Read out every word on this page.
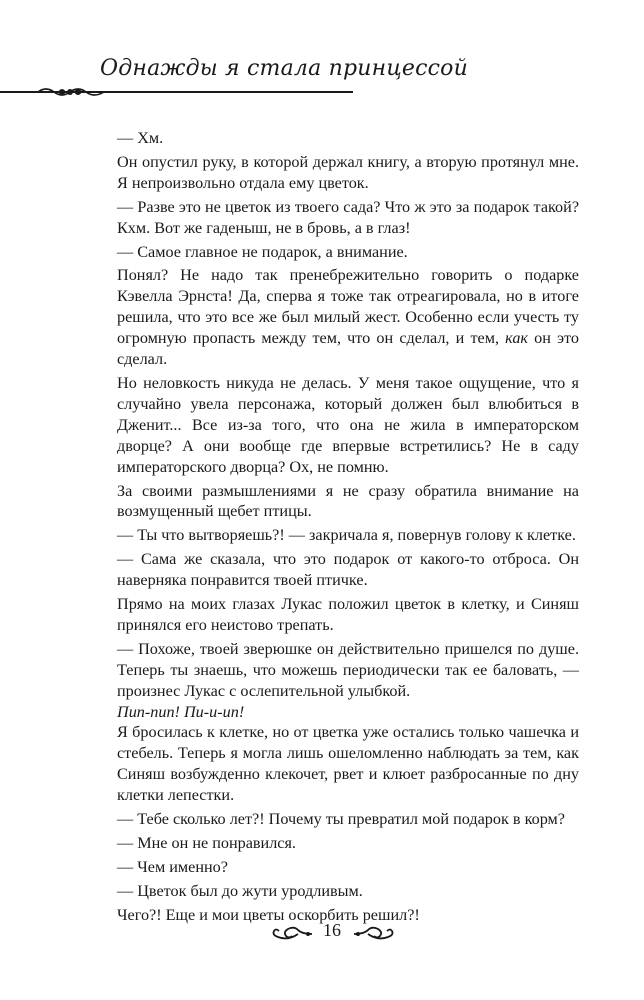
Однажды я стала принцессой

— Хм.

Он опустил руку, в которой держал книгу, а вторую протянул мне. Я непроизвольно отдала ему цветок.

— Разве это не цветок из твоего сада? Что ж это за подарок такой? Кхм. Вот же гаденыш, не в бровь, а в глаз!

— Самое главное не подарок, а внимание.

Понял? Не надо так пренебрежительно говорить о подарке Кэвелла Эрнста! Да, сперва я тоже так отреагировала, но в итоге решила, что это все же был милый жест. Особенно если учесть ту огромную пропасть между тем, что он сделал, и тем, как он это сделал.

Но неловкость никуда не делась. У меня такое ощущение, что я случайно увела персонажа, который должен был влюбиться в Дженит... Все из-за того, что она не жила в императорском дворце? А они вообще где впервые встретились? Не в саду императорского дворца? Ох, не помню.

За своими размышлениями я не сразу обратила внимание на возмущенный щебет птицы.

— Ты что вытворяешь?! — закричала я, повернув голову к клетке.

— Сама же сказала, что это подарок от какого-то отброса. Он наверняка понравится твоей птичке.

Прямо на моих глазах Лукас положил цветок в клетку, и Синяш принялся его неистово трепать.

— Похоже, твоей зверюшке он действительно пришелся по душе. Теперь ты знаешь, что можешь периодически так ее баловать, — произнес Лукас с ослепительной улыбкой.

Пип-пип! Пи-и-ип!

Я бросилась к клетке, но от цветка уже остались только чашечка и стебель. Теперь я могла лишь ошеломленно наблюдать за тем, как Синяш возбужденно клекочет, рвет и клюет разбросанные по дну клетки лепестки.

— Тебе сколько лет?! Почему ты превратил мой подарок в корм?

— Мне он не понравился.

— Чем именно?

— Цветок был до жути уродливым.

Чего?! Еще и мои цветы оскорбить решил?!

16
